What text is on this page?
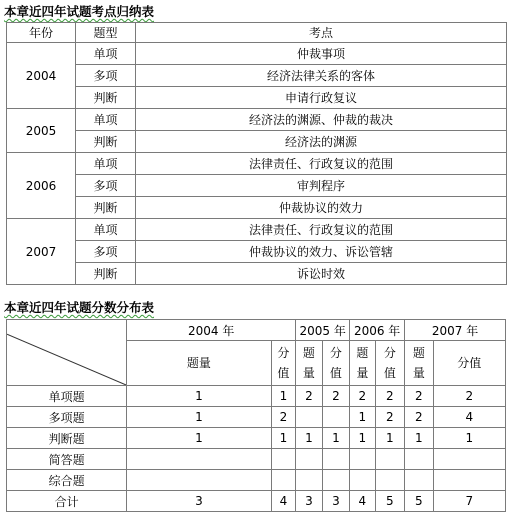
本章近四年试题考点归纳表
年份	题型	考点
2004	单项	仲裁事项
	多项	经济法律关系的客体
	判断	申请行政复议
2005	单项	经济法的渊源、仲裁的裁决
	判断	经济法的渊源
2006	单项	法律责任、行政复议的范围
	多项	审判程序
	判断	仲裁协议的效力
2007	单项	法律责任、行政复议的范围
	多项	仲裁协议的效力、诉讼管辖
	判断	诉讼时效
本章近四年试题分数分布表
	2004 年		2005 年		2006 年		2007 年	
	题量	分值	题量	分值	题量	分值	题量	分值
单项题	1	1	2	2	2	2	2	2
多项题	1	2			1	2	2	4
判断题	1	1	1	1	1	1	1	1
简答题								
综合题								
合计	3	4	3	3	4	5	5	7
